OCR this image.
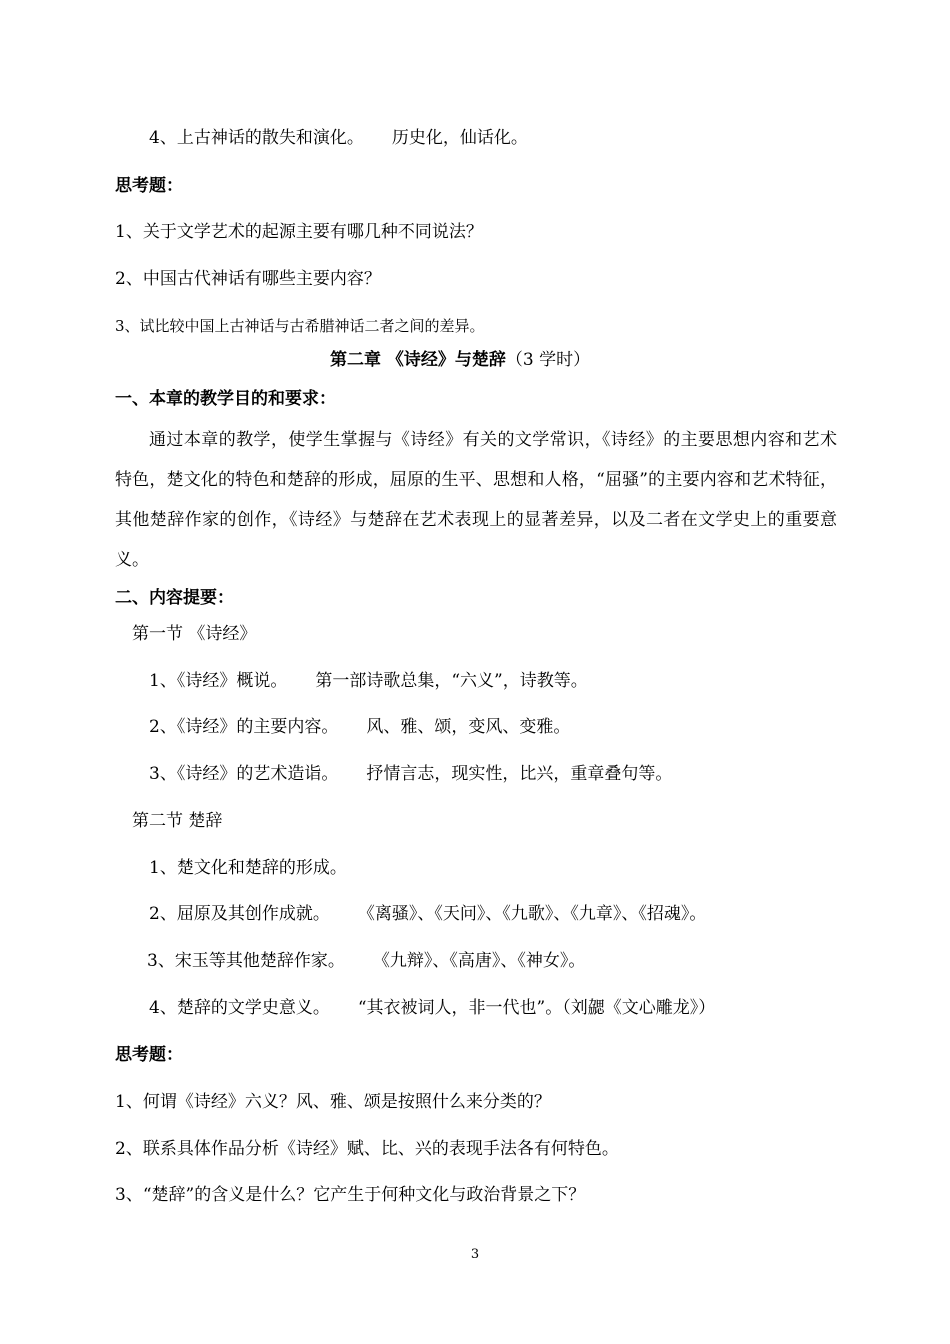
4、上古神话的散失和演化。 历史化，仙话化。
思考题：
1、关于文学艺术的起源主要有哪几种不同说法？
2、中国古代神话有哪些主要内容？
3、试比较中国上古神话与古希腊神话二者之间的差异。
第二章 《诗经》与楚辞（3 学时）
一、本章的教学目的和要求：
通过本章的教学，使学生掌握与《诗经》有关的文学常识，《诗经》的主要思想内容和艺术特色，楚文化的特色和楚辞的形成，屈原的生平、思想和人格，“屈骚”的主要内容和艺术特征，其他楚辞作家的创作，《诗经》与楚辞在艺术表现上的显著差异，以及二者在文学史上的重要意义。
二、内容提要：
第一节 《诗经》
1、《诗经》概说。 第一部诗歌总集，“六义”，诗教等。
2、《诗经》的主要内容。 风、雅、颂，变风、变雅。
3、《诗经》的艺术造诣。 抒情言志，现实性，比兴，重章叠句等。
第二节 楚辞
1、楚文化和楚辞的形成。
2、屈原及其创作成就。 《离骚》、《天问》、《九歌》、《九章》、《招魂》。
3、宋玉等其他楚辞作家。 《九辩》、《高唐》、《神女》。
4、楚辞的文学史意义。 “其衣被词人，非一代也”。（刘勰《文心雕龙》）
思考题：
1、何谓《诗经》六义？风、雅、颂是按照什么来分类的？
2、联系具体作品分析《诗经》赋、比、兴的表现手法各有何特色。
3、“楚辞”的含义是什么？它产生于何种文化与政治背景之下？
3
